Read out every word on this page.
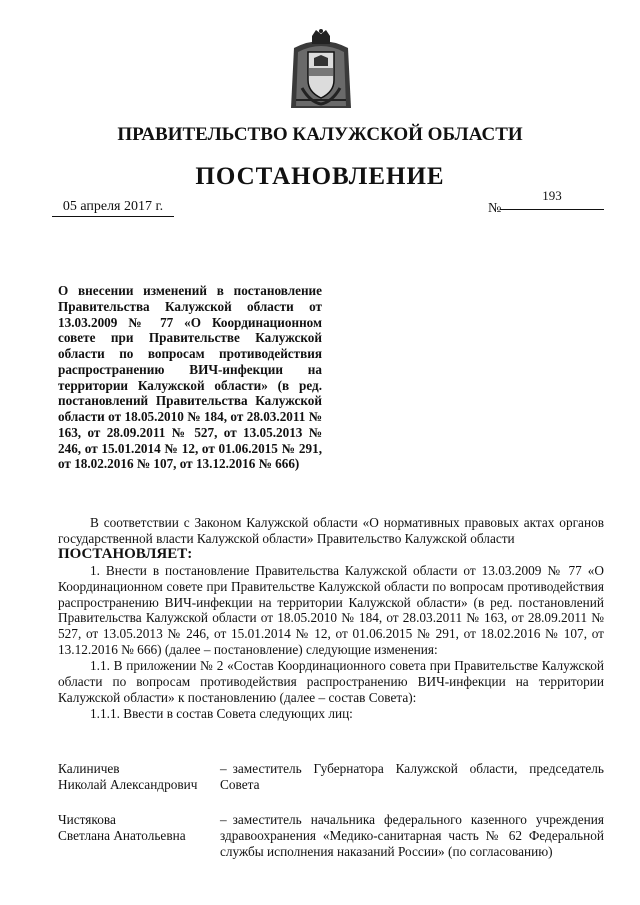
ПРАВИТЕЛЬСТВО КАЛУЖСКОЙ ОБЛАСТИ
ПОСТАНОВЛЕНИЕ
05 апреля 2017 г.	№
193
О внесении изменений в постановление Правительства Калужской области от 13.03.2009 № 77 «О Координационном совете при Правительстве Калужской области по вопросам противодействия распространению ВИЧ-инфекции на территории Калужской области» (в ред. постановлений Правительства Калужской области от 18.05.2010 № 184, от 28.03.2011 № 163, от 28.09.2011 № 527, от 13.05.2013 № 246, от 15.01.2014 № 12, от 01.06.2015 № 291, от 18.02.2016 № 107, от 13.12.2016 № 666)

В соответствии с Законом Калужской области «О нормативных правовых актах органов государственной власти Калужской области» Правительство Калужской области

ПОСТАНОВЛЯЕТ:

1. Внести в постановление Правительства Калужской области от 13.03.2009 № 77 «О Координационном совете при Правительстве Калужской области по вопросам противодействия распространению ВИЧ-инфекции на территории Калужской области» (в ред. постановлений Правительства Калужской области от 18.05.2010 № 184, от 28.03.2011 № 163, от 28.09.2011 № 527, от 13.05.2013 № 246, от 15.01.2014 № 12, от 01.06.2015 № 291, от 18.02.2016 № 107, от 13.12.2016 № 666) (далее – постановление) следующие изменения:

1.1. В приложении № 2 «Состав Координационного совета при Правительстве Калужской области по вопросам противодействия распространению ВИЧ-инфекции на территории Калужской области» к постановлению (далее – состав Совета):

1.1.1. Ввести в состав Совета следующих лиц:

Калиничев
Николай Александрович
– заместитель Губернатора Калужской области, председатель Совета
Чистякова
Светлана Анатольевна
– заместитель начальника федерального казенного учреждения здравоохранения «Медико-санитарная часть № 62 Федеральной службы исполнения наказаний России» (по согласованию)
